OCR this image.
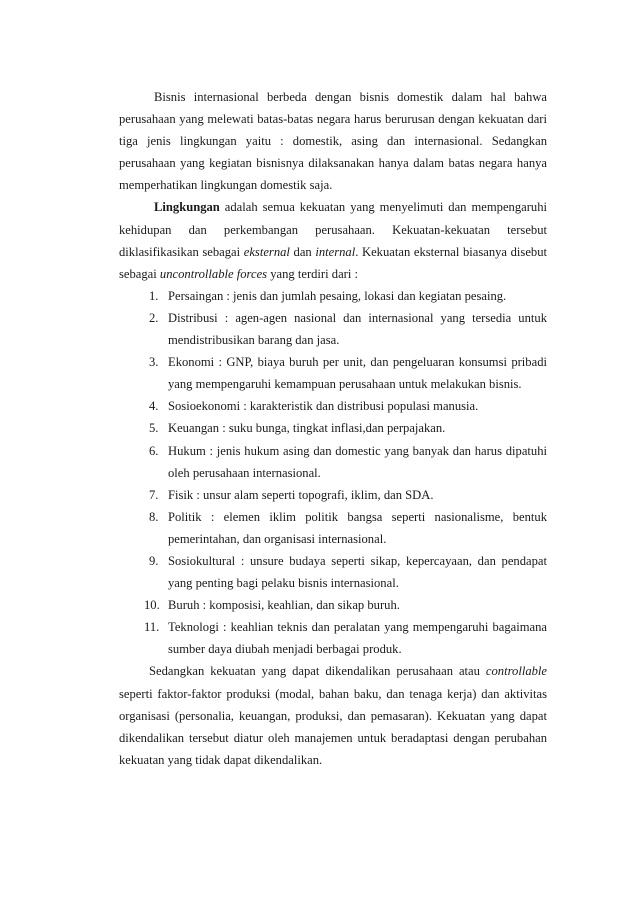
Bisnis internasional berbeda dengan bisnis domestik dalam hal bahwa perusahaan yang melewati batas-batas negara harus berurusan dengan kekuatan dari tiga jenis lingkungan yaitu : domestik, asing dan internasional. Sedangkan perusahaan yang kegiatan bisnisnya dilaksanakan hanya dalam batas negara hanya memperhatikan lingkungan domestik saja.

Lingkungan adalah semua kekuatan yang menyelimuti dan mempengaruhi kehidupan dan perkembangan perusahaan. Kekuatan-kekuatan tersebut diklasifikasikan sebagai eksternal dan internal. Kekuatan eksternal biasanya disebut sebagai uncontrollable forces yang terdiri dari :

1. Persaingan : jenis dan jumlah pesaing, lokasi dan kegiatan pesaing.
2. Distribusi : agen-agen nasional dan internasional yang tersedia untuk mendistribusikan barang dan jasa.
3. Ekonomi : GNP, biaya buruh per unit, dan pengeluaran konsumsi pribadi yang mempengaruhi kemampuan perusahaan untuk melakukan bisnis.
4. Sosioekonomi : karakteristik dan distribusi populasi manusia.
5. Keuangan : suku bunga, tingkat inflasi,dan perpajakan.
6. Hukum : jenis hukum asing dan domestic yang banyak dan harus dipatuhi oleh perusahaan internasional.
7. Fisik : unsur alam seperti topografi, iklim, dan SDA.
8. Politik : elemen iklim politik bangsa seperti nasionalisme, bentuk pemerintahan, dan organisasi internasional.
9. Sosiokultural : unsure budaya seperti sikap, kepercayaan, dan pendapat yang penting bagi pelaku bisnis internasional.
10. Buruh : komposisi, keahlian, dan sikap buruh.
11. Teknologi : keahlian teknis dan peralatan yang mempengaruhi bagaimana sumber daya diubah menjadi berbagai produk.

Sedangkan kekuatan yang dapat dikendalikan perusahaan atau controllable seperti faktor-faktor produksi (modal, bahan baku, dan tenaga kerja) dan aktivitas organisasi (personalia, keuangan, produksi, dan pemasaran). Kekuatan yang dapat dikendalikan tersebut diatur oleh manajemen untuk beradaptasi dengan perubahan kekuatan yang tidak dapat dikendalikan.
